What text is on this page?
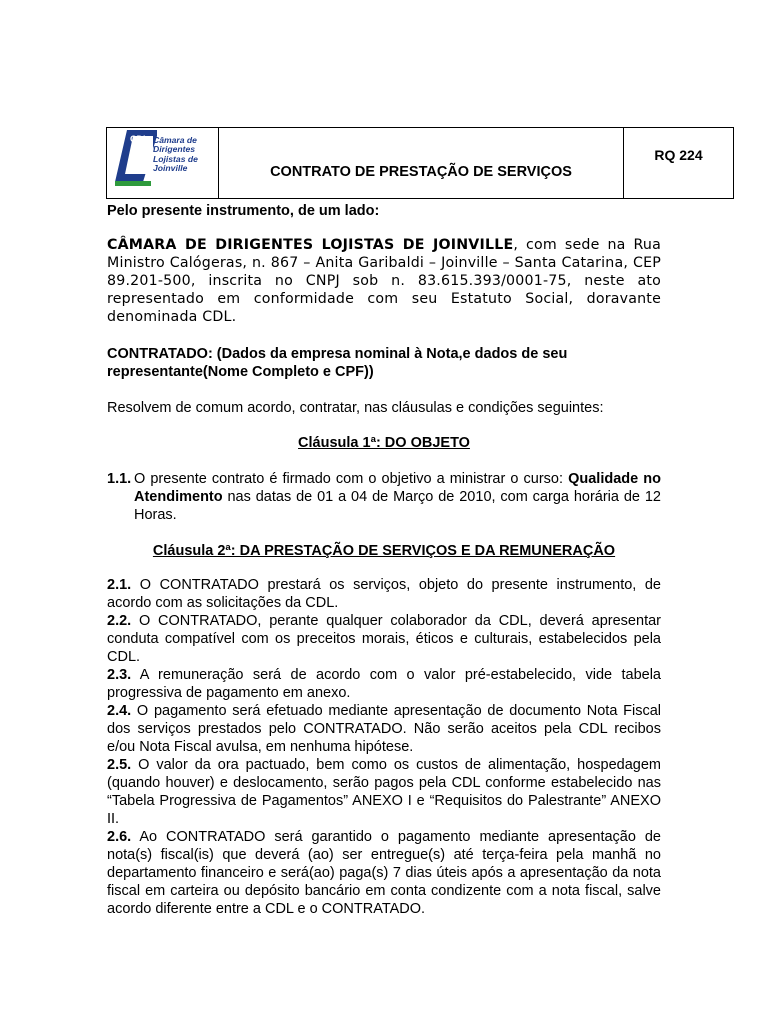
CDL Câmara de
Dirigentes
Lojistas de
Joinville	CONTRATO DE PRESTAÇÃO DE SERVIÇOS
RQ 224

Pelo presente instrumento, de um lado:

CÂMARA DE DIRIGENTES LOJISTAS DE JOINVILLE, com sede na Rua Ministro Calógeras, n. 867 – Anita Garibaldi – Joinville – Santa Catarina, CEP 89.201-500, inscrita no CNPJ sob n. 83.615.393/0001-75, neste ato representado em conformidade com seu Estatuto Social, doravante denominada CDL.

CONTRATADO: (Dados da empresa nominal à Nota,e dados de seu representante(Nome Completo e CPF))

Resolvem de comum acordo, contratar, nas cláusulas e condições seguintes:

Cláusula 1ª: DO OBJETO

1.1. O presente contrato é firmado com o objetivo a ministrar o curso: Qualidade no Atendimento nas datas de 01 a 04 de Março de 2010, com carga horária de 12 Horas.

Cláusula 2ª: DA PRESTAÇÃO DE SERVIÇOS E DA REMUNERAÇÃO

2.1. O CONTRATADO prestará os serviços, objeto do presente instrumento, de acordo com as solicitações da CDL.

2.2. O CONTRATADO, perante qualquer colaborador da CDL, deverá apresentar conduta compatível com os preceitos morais, éticos e culturais, estabelecidos pela CDL.

2.3. A remuneração será de acordo com o valor pré-estabelecido, vide tabela progressiva de pagamento em anexo.

2.4. O pagamento será efetuado mediante apresentação de documento Nota Fiscal dos serviços prestados pelo CONTRATADO. Não serão aceitos pela CDL recibos e/ou Nota Fiscal avulsa, em nenhuma hipótese.

2.5. O valor da ora pactuado, bem como os custos de alimentação, hospedagem (quando houver) e deslocamento, serão pagos pela CDL conforme estabelecido nas “Tabela Progressiva de Pagamentos” ANEXO I e “Requisitos do Palestrante” ANEXO II.

2.6. Ao CONTRATADO será garantido o pagamento mediante apresentação de nota(s) fiscal(is) que deverá (ao) ser entregue(s) até terça-feira pela manhã no departamento financeiro e será(ao) paga(s) 7 dias úteis após a apresentação da nota fiscal em carteira ou depósito bancário em conta condizente com a nota fiscal, salve acordo diferente entre a CDL e o CONTRATADO.
